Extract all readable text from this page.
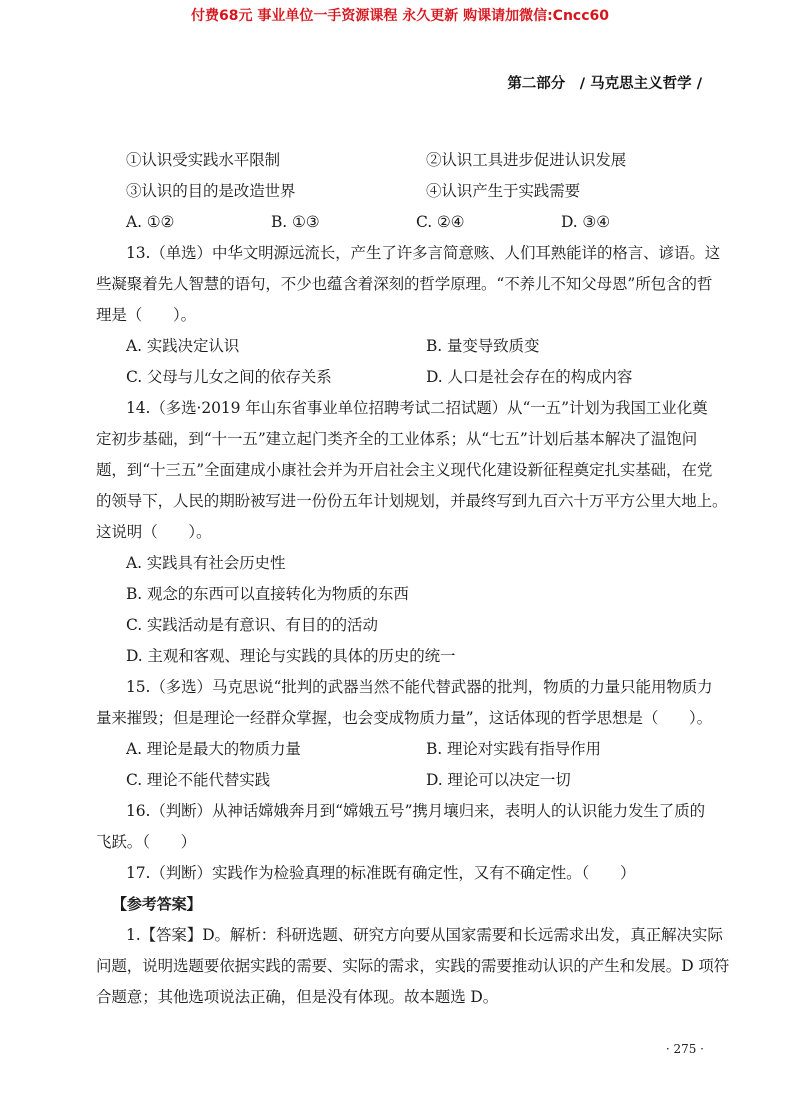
付费68元 事业单位一手资源课程 永久更新 购课请加微信:Cncc60
第二部分　/ 马克思主义哲学 /
①认识受实践水平限制	②认识工具进步促进认识发展
③认识的目的是改造世界	④认识产生于实践需要
A. ①②	B. ①③	C. ②④	D. ③④
13.（单选）中华文明源远流长，产生了许多言简意赅、人们耳熟能详的格言、谚语。这
些凝聚着先人智慧的语句，不少也蕴含着深刻的哲学原理。“不养儿不知父母恩”所包含的哲
理是（　　）。
A. 实践决定认识	B. 量变导致质变
C. 父母与儿女之间的依存关系	D. 人口是社会存在的构成内容
14.（多选·2019 年山东省事业单位招聘考试二招试题）从“一五”计划为我国工业化奠
定初步基础，到“十一五”建立起门类齐全的工业体系；从“七五”计划后基本解决了温饱问
题，到“十三五”全面建成小康社会并为开启社会主义现代化建设新征程奠定扎实基础，在党
的领导下，人民的期盼被写进一份份五年计划规划，并最终写到九百六十万平方公里大地上。
这说明（　　）。
A. 实践具有社会历史性
B. 观念的东西可以直接转化为物质的东西
C. 实践活动是有意识、有目的的活动
D. 主观和客观、理论与实践的具体的历史的统一
15.（多选）马克思说“批判的武器当然不能代替武器的批判，物质的力量只能用物质力
量来摧毁；但是理论一经群众掌握，也会变成物质力量”，这话体现的哲学思想是（　　）。
A. 理论是最大的物质力量	B. 理论对实践有指导作用
C. 理论不能代替实践	D. 理论可以决定一切
16.（判断）从神话嫦娥奔月到“嫦娥五号”携月壤归来，表明人的认识能力发生了质的
飞跃。（　　）
17.（判断）实践作为检验真理的标准既有确定性，又有不确定性。（　　）
【参考答案】
1.【答案】D。解析：科研选题、研究方向要从国家需要和长远需求出发，真正解决实际
问题，说明选题要依据实践的需要、实际的需求，实践的需要推动认识的产生和发展。D 项符
合题意；其他选项说法正确，但是没有体现。故本题选 D。
· 275 ·
